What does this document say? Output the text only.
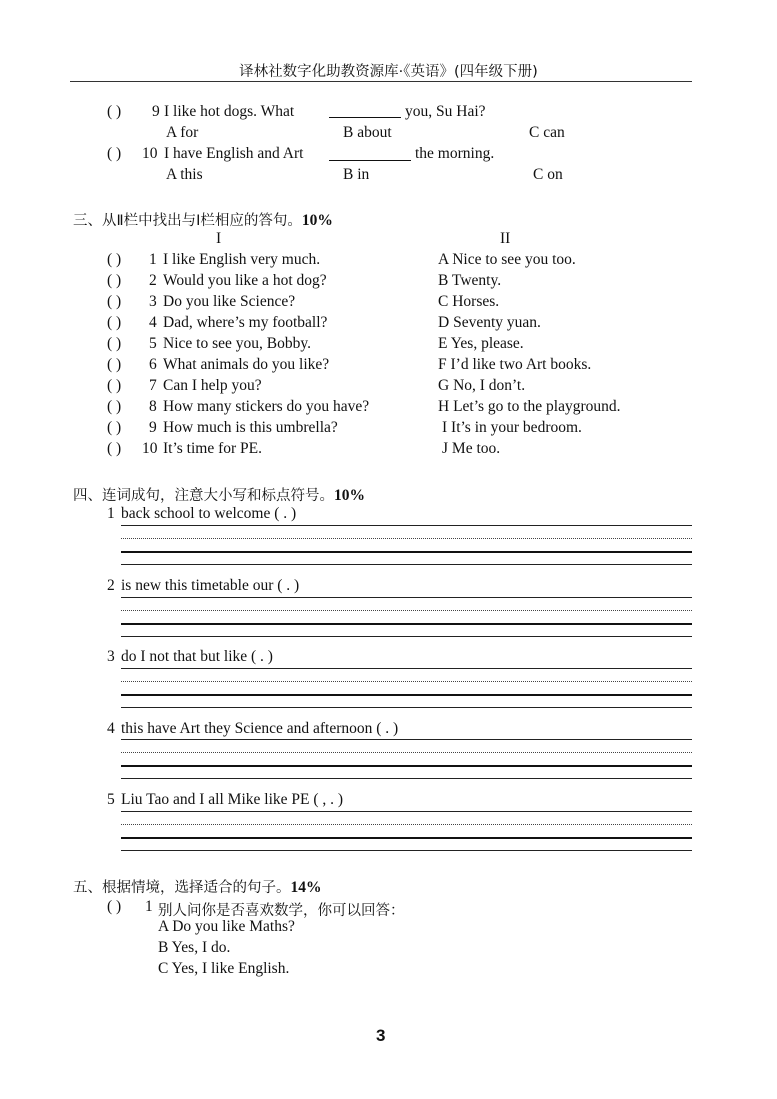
译林社数字化助教资源库·《英语》(四年级下册)
( ) 9 I like hot dogs. What	you, Su Hai?
A for	B about	C can
( ) 10 I have English and Art	the morning.
A this	B in	C on
三、从Ⅱ栏中找出与Ⅰ栏相应的答句。10%
I	II
( ) 1 I like English very much.	A Nice to see you too.
( ) 2 Would you like a hot dog?	B Twenty.
( ) 3 Do you like Science?	C Horses.
( ) 4 Dad, where’s my football?	D Seventy yuan.
( ) 5 Nice to see you, Bobby.	E Yes, please.
( ) 6 What animals do you like?	F I’d like two Art books.
( ) 7 Can I help you?	G No, I don’t.
( ) 8 How many stickers do you have?	H Let’s go to the playground.
( ) 9 How much is this umbrella?	I It’s in your bedroom.
( ) 10 It’s time for PE.	J Me too.
四、连词成句，注意大小写和标点符号。10%
1 back school to welcome ( . )
2 is new this timetable our ( . )
3 do I not that but like ( . )
4 this have Art they Science and afternoon ( . )
5 Liu Tao and I all Mike like PE ( , . )
五、根据情境，选择适合的句子。14%
( ) 1 别人问你是否喜欢数学，你可以回答：
A Do you like Maths?
B Yes, I do.
C Yes, I like English.
3
